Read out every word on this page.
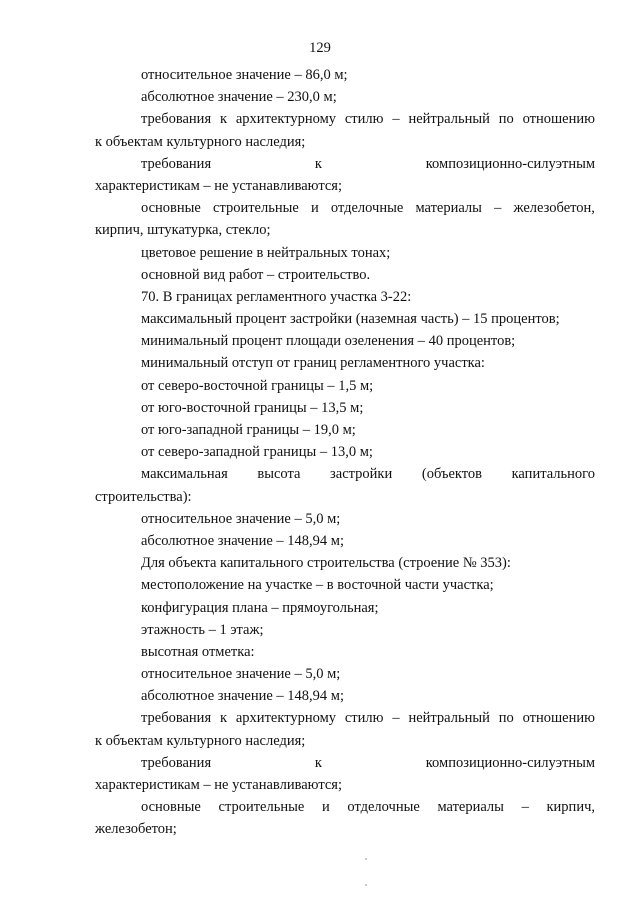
129
относительное значение – 86,0 м;
абсолютное значение – 230,0 м;
требования к архитектурному стилю – нейтральный по отношению
к объектам культурного наследия;
требования	к	композиционно-силуэтным
характеристикам – не устанавливаются;
основные строительные и отделочные материалы – железобетон,
кирпич, штукатурка, стекло;
цветовое решение в нейтральных тонах;
основной вид работ – строительство.
70. В границах регламентного участка 3-22:
максимальный процент застройки (наземная часть) – 15 процентов;
минимальный процент площади озеленения – 40 процентов;
минимальный отступ от границ регламентного участка:
от северо-восточной границы – 1,5 м;
от юго-восточной границы – 13,5 м;
от юго-западной границы – 19,0 м;
от северо-западной границы – 13,0 м;
максимальная высота застройки (объектов капитального
строительства):
относительное значение – 5,0 м;
абсолютное значение – 148,94 м;
Для объекта капитального строительства (строение № 353):
местоположение на участке – в восточной части участка;
конфигурация плана – прямоугольная;
этажность – 1 этаж;
высотная отметка:
относительное значение – 5,0 м;
абсолютное значение – 148,94 м;
требования к архитектурному стилю – нейтральный по отношению
к объектам культурного наследия;
требования	к	композиционно-силуэтным
характеристикам – не устанавливаются;
основные строительные и отделочные материалы – кирпич,
железобетон;
